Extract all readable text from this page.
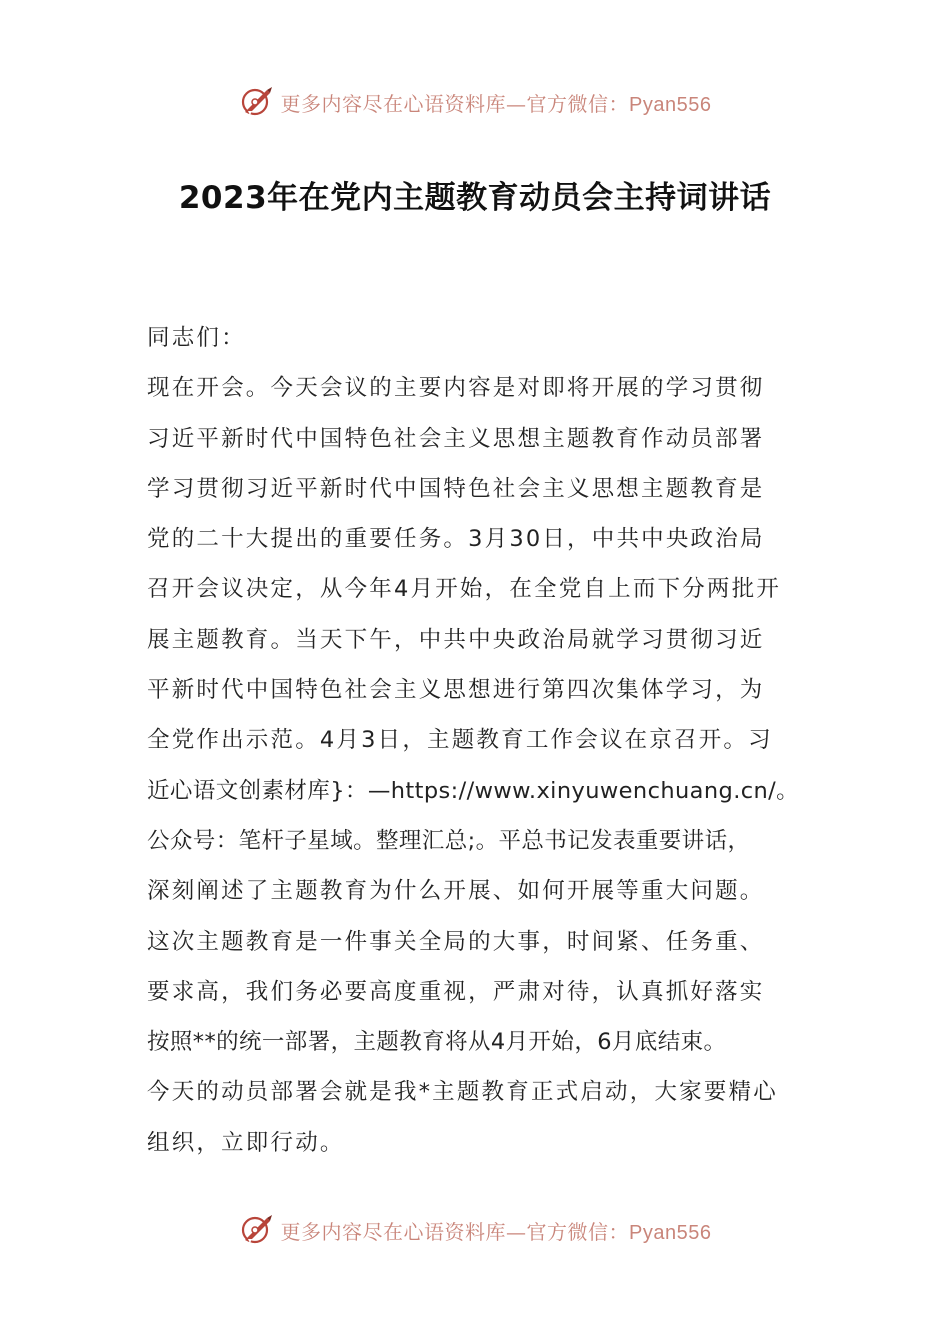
更多内容尽在心语资料库—官方微信：Pyan556
2023年在党内主题教育动员会主持词讲话
同志们：
现在开会。今天会议的主要内容是对即将开展的学习贯彻
习近平新时代中国特色社会主义思想主题教育作动员部署
学习贯彻习近平新时代中国特色社会主义思想主题教育是
党的二十大提出的重要任务。3月30日，中共中央政治局
召开会议决定，从今年4月开始，在全党自上而下分两批开
展主题教育。当天下午，中共中央政治局就学习贯彻习近
平新时代中国特色社会主义思想进行第四次集体学习，为
全党作出示范。4月3日，主题教育工作会议在京召开。习
近心语文创素材库}：—https://www.xinyuwenchuang.cn/。
公众号：笔杆子星域。整理汇总;。平总书记发表重要讲话，
深刻阐述了主题教育为什么开展、如何开展等重大问题。
这次主题教育是一件事关全局的大事，时间紧、任务重、
要求高，我们务必要高度重视，严肃对待，认真抓好落实
按照**的统一部署，主题教育将从4月开始，6月底结束。
今天的动员部署会就是我*主题教育正式启动，大家要精心
组织，立即行动。
更多内容尽在心语资料库—官方微信：Pyan556
